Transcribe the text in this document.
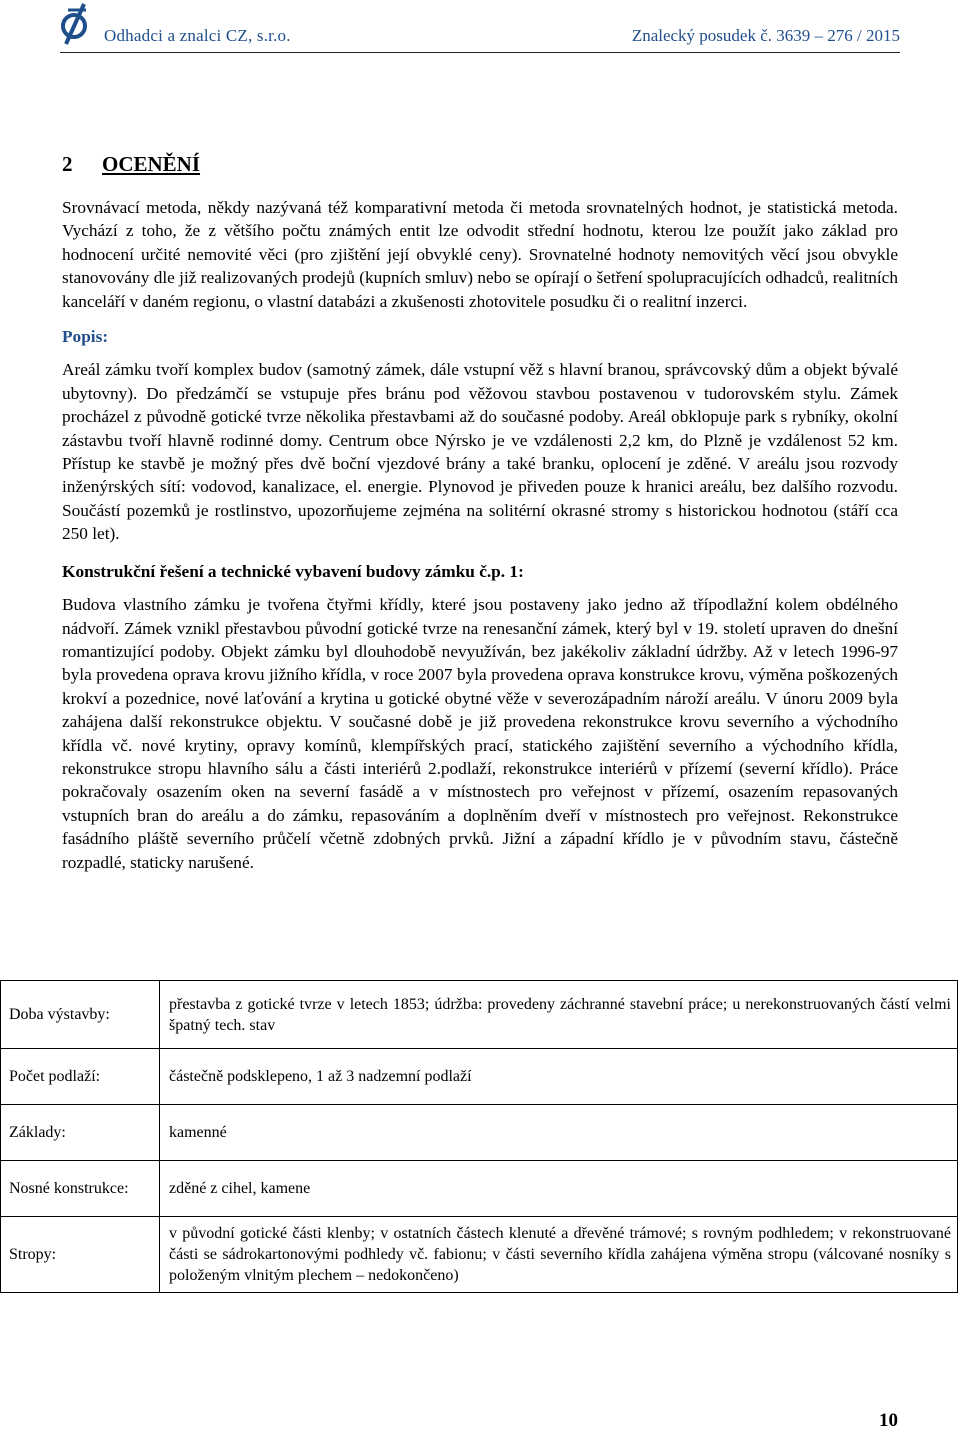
Odhadci a znalci CZ, s.r.o.	Znalecký posudek č. 3639 – 276 / 2015
2 OCENĚNÍ

Srovnávací metoda, někdy nazývaná též komparativní metoda či metoda srovnatelných hodnot, je statistická metoda. Vychází z toho, že z většího počtu známých entit lze odvodit střední hodnotu, kterou lze použít jako základ pro hodnocení určité nemovité věci (pro zjištění její obvyklé ceny). Srovnatelné hodnoty nemovitých věcí jsou obvykle stanovovány dle již realizovaných prodejů (kupních smluv) nebo se opírají o šetření spolupracujících odhadců, realitních kanceláří v daném regionu, o vlastní databázi a zkušenosti zhotovitele posudku či o realitní inzerci.

Popis:

Areál zámku tvoří komplex budov (samotný zámek, dále vstupní věž s hlavní branou, správcovský dům a objekt bývalé ubytovny). Do předzámčí se vstupuje přes bránu pod věžovou stavbou postavenou v tudorovském stylu. Zámek procházel z původně gotické tvrze několika přestavbami až do současné podoby. Areál obklopuje park s rybníky, okolní zástavbu tvoří hlavně rodinné domy. Centrum obce Nýrsko je ve vzdálenosti 2,2 km, do Plzně je vzdálenost 52 km. Přístup ke stavbě je možný přes dvě boční vjezdové brány a také branku, oplocení je zděné. V areálu jsou rozvody inženýrských sítí: vodovod, kanalizace, el. energie. Plynovod je přiveden pouze k hranici areálu, bez dalšího rozvodu. Součástí pozemků je rostlinstvo, upozorňujeme zejména na solitérní okrasné stromy s historickou hodnotou (stáří cca 250 let).

Konstrukční řešení a technické vybavení budovy zámku č.p. 1:

Budova vlastního zámku je tvořena čtyřmi křídly, které jsou postaveny jako jedno až třípodlažní kolem obdélného nádvoří. Zámek vznikl přestavbou původní gotické tvrze na renesanční zámek, který byl v 19. století upraven do dnešní romantizující podoby. Objekt zámku byl dlouhodobě nevyužíván, bez jakékoliv základní údržby. Až v letech 1996-97 byla provedena oprava krovu jižního křídla, v roce 2007 byla provedena oprava konstrukce krovu, výměna poškozených krokví a pozednice, nové laťování a krytina u gotické obytné věže v severozápadním nároží areálu. V únoru 2009 byla zahájena další rekonstrukce objektu. V současné době je již provedena rekonstrukce krovu severního a východního křídla vč. nové krytiny, opravy komínů, klempířských prací, statického zajištění severního a východního křídla, rekonstrukce stropu hlavního sálu a části interiérů 2.podlaží, rekonstrukce interiérů v přízemí (severní křídlo). Práce pokračovaly osazením oken na severní fasádě a v místnostech pro veřejnost v přízemí, osazením repasovaných vstupních bran do areálu a do zámku, repasováním a doplněním dveří v místnostech pro veřejnost. Rekonstrukce fasádního pláště severního průčelí včetně zdobných prvků. Jižní a západní křídlo je v původním stavu, částečně rozpadlé, staticky narušené.

Doba výstavby:	přestavba z gotické tvrze v letech 1853; údržba: provedeny záchranné stavební práce; u nerekonstruovaných částí velmi špatný tech. stav
Počet podlaží:	částečně podsklepeno, 1 až 3 nadzemní podlaží
Základy:	kamenné
Nosné konstrukce:	zděné z cihel, kamene
Stropy:	v původní gotické části klenby; v ostatních částech klenuté a dřevěné trámové; s rovným podhledem; v rekonstruované části se sádrokartonovými podhledy vč. fabionu; v části severního křídla zahájena výměna stropu (válcované nosníky s položeným vlnitým plechem – nedokončeno)
10
